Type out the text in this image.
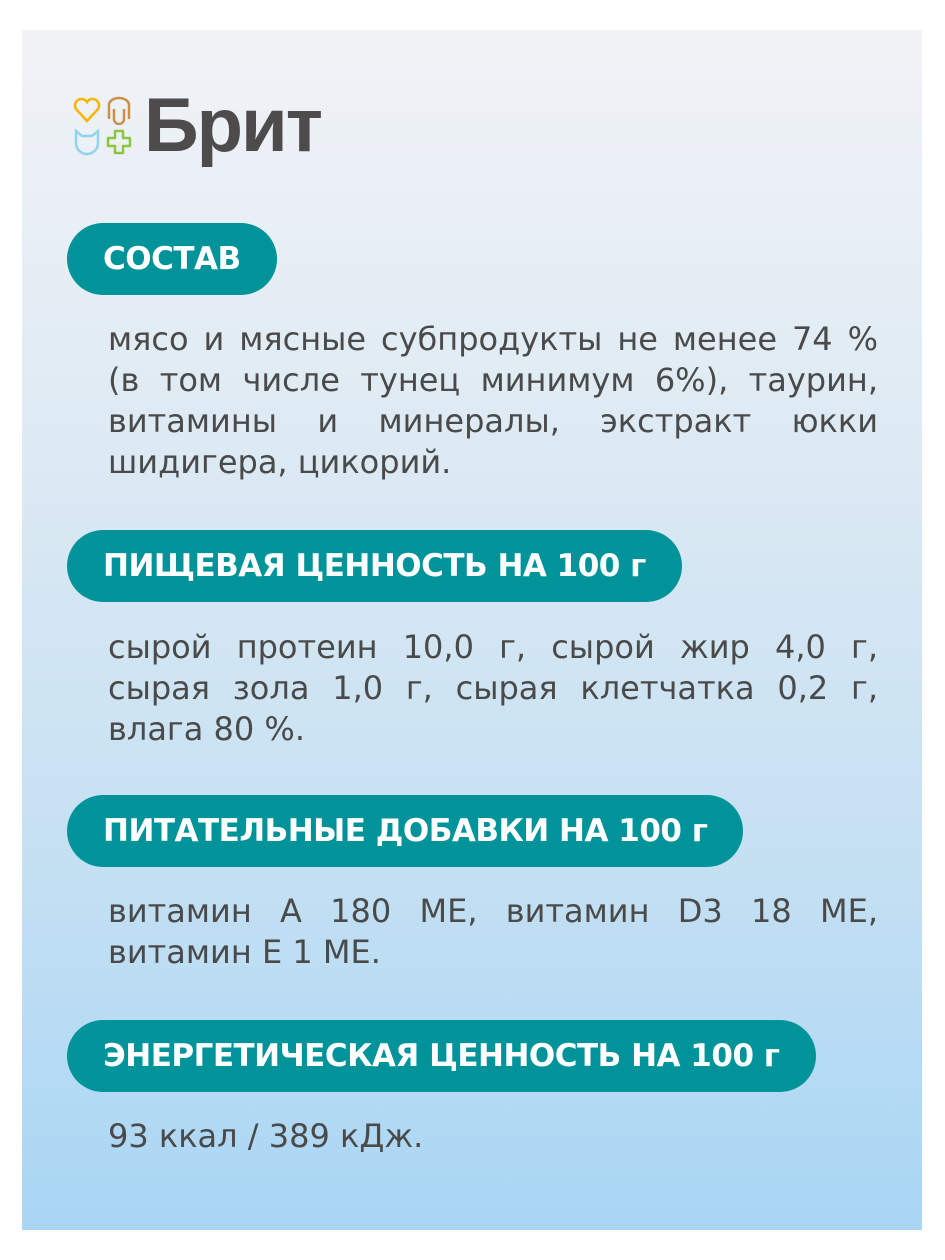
Брит
СОСТАВ
мясо и мясные субпродукты не менее 74 % (в том числе тунец минимум 6%), таурин, витамины и минералы, экстракт юкки шидигера, цикорий.
ПИЩЕВАЯ ЦЕННОСТЬ НА 100 г
сырой протеин 10,0 г, сырой жир 4,0 г, сырая зола 1,0 г, сырая клетчатка 0,2 г, влага 80 %.
ПИТАТЕЛЬНЫЕ ДОБАВКИ НА 100 г
витамин А 180 МЕ, витамин D3 18 МЕ, витамин Е 1 МЕ.
ЭНЕРГЕТИЧЕСКАЯ ЦЕННОСТЬ НА 100 г
93 ккал / 389 кДж.
